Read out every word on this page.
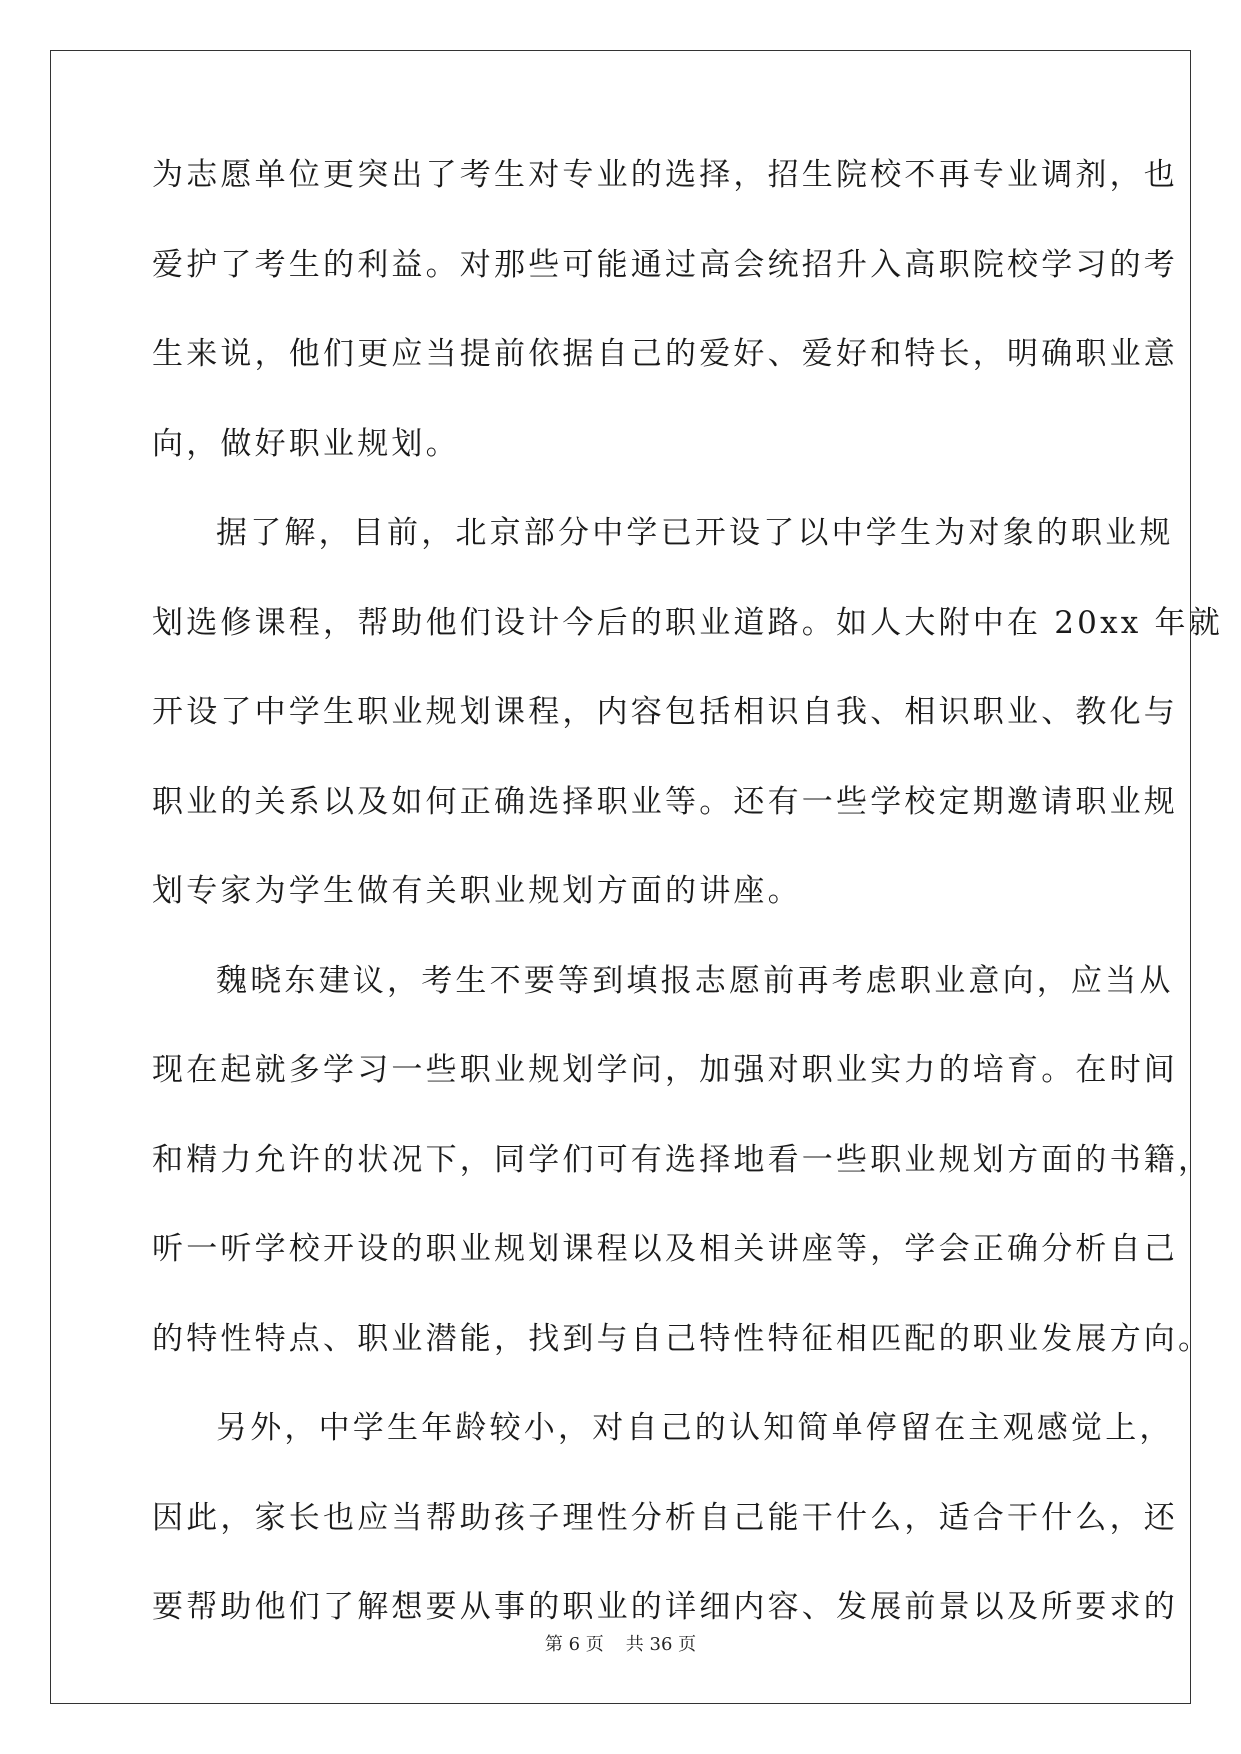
为志愿单位更突出了考生对专业的选择，招生院校不再专业调剂，也
爱护了考生的利益。对那些可能通过高会统招升入高职院校学习的考
生来说，他们更应当提前依据自己的爱好、爱好和特长，明确职业意
向，做好职业规划。
据了解，目前，北京部分中学已开设了以中学生为对象的职业规
划选修课程，帮助他们设计今后的职业道路。如人大附中在 20xx 年就
开设了中学生职业规划课程，内容包括相识自我、相识职业、教化与
职业的关系以及如何正确选择职业等。还有一些学校定期邀请职业规
划专家为学生做有关职业规划方面的讲座。
魏晓东建议，考生不要等到填报志愿前再考虑职业意向，应当从
现在起就多学习一些职业规划学问，加强对职业实力的培育。在时间
和精力允许的状况下，同学们可有选择地看一些职业规划方面的书籍，
听一听学校开设的职业规划课程以及相关讲座等，学会正确分析自己
的特性特点、职业潜能，找到与自己特性特征相匹配的职业发展方向。
另外，中学生年龄较小，对自己的认知简单停留在主观感觉上，
因此，家长也应当帮助孩子理性分析自己能干什么，适合干什么，还
要帮助他们了解想要从事的职业的详细内容、发展前景以及所要求的
第 6 页 共 36 页
